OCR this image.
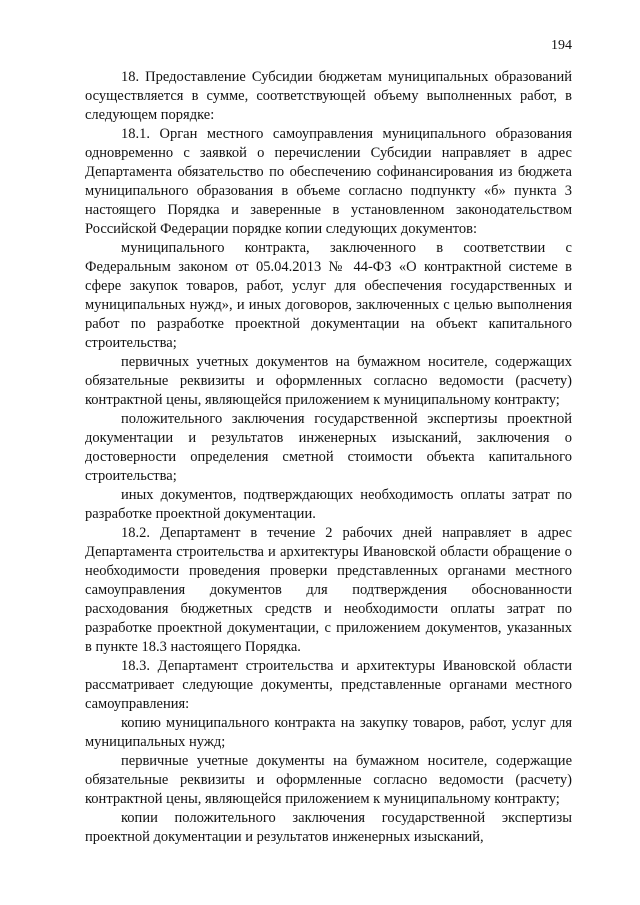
194

18. Предоставление Субсидии бюджетам муниципальных образований осуществляется в сумме, соответствующей объему выполненных работ, в следующем порядке:

18.1. Орган местного самоуправления муниципального образования одновременно с заявкой о перечислении Субсидии направляет в адрес Департамента обязательство по обеспечению софинансирования из бюджета муниципального образования в объеме согласно подпункту «б» пункта 3 настоящего Порядка и заверенные в установленном законодательством Российской Федерации порядке копии следующих документов:

муниципального контракта, заключенного в соответствии с Федеральным законом от 05.04.2013 № 44-ФЗ «О контрактной системе в сфере закупок товаров, работ, услуг для обеспечения государственных и муниципальных нужд», и иных договоров, заключенных с целью выполнения работ по разработке проектной документации на объект капитального строительства;

первичных учетных документов на бумажном носителе, содержащих обязательные реквизиты и оформленных согласно ведомости (расчету) контрактной цены, являющейся приложением к муниципальному контракту;

положительного заключения государственной экспертизы проектной документации и результатов инженерных изысканий, заключения о достоверности определения сметной стоимости объекта капитального строительства;

иных документов, подтверждающих необходимость оплаты затрат по разработке проектной документации.

18.2. Департамент в течение 2 рабочих дней направляет в адрес Департамента строительства и архитектуры Ивановской области обращение о необходимости проведения проверки представленных органами местного самоуправления документов для подтверждения обоснованности расходования бюджетных средств и необходимости оплаты затрат по разработке проектной документации, с приложением документов, указанных в пункте 18.3 настоящего Порядка.

18.3. Департамент строительства и архитектуры Ивановской области рассматривает следующие документы, представленные органами местного самоуправления:

копию муниципального контракта на закупку товаров, работ, услуг для муниципальных нужд;

первичные учетные документы на бумажном носителе, содержащие обязательные реквизиты и оформленные согласно ведомости (расчету) контрактной цены, являющейся приложением к муниципальному контракту;

копии положительного заключения государственной экспертизы проектной документации и результатов инженерных изысканий,
